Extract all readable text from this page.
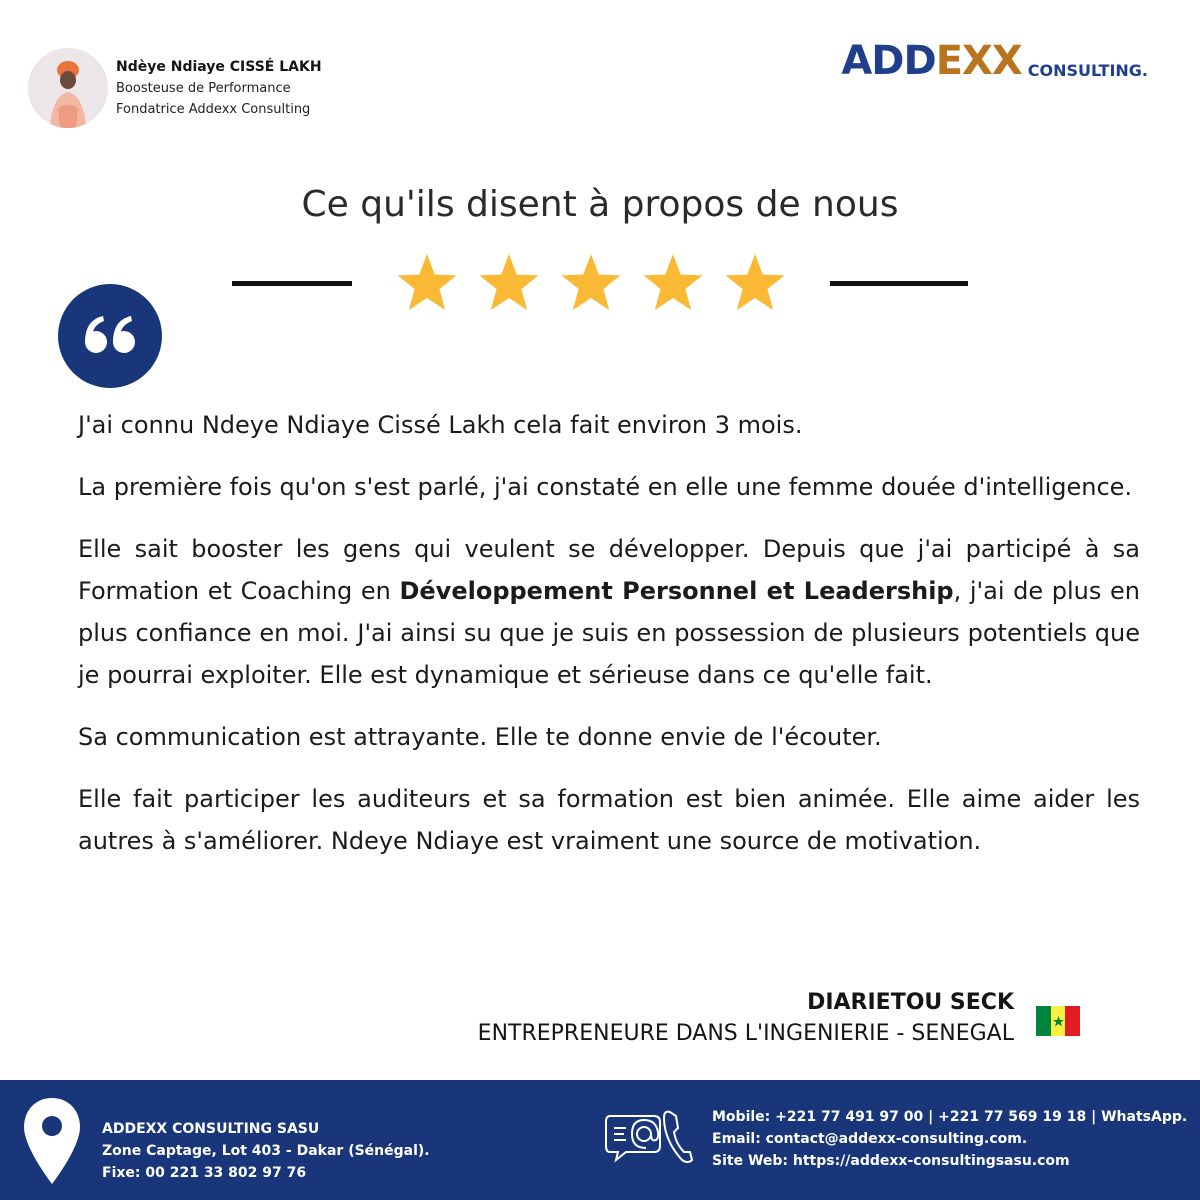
Ndèye Ndiaye CISSÉ LAKH
Boosteuse de Performance
Fondatrice Addexx Consulting
ADD EXX CONSULTING.
Ce qu'ils disent à propos de nous

J'ai connu Ndeye Ndiaye Cissé Lakh cela fait environ 3 mois.

La première fois qu'on s'est parlé, j'ai constaté en elle une femme douée d'intelligence.

Elle sait booster les gens qui veulent se développer. Depuis que j'ai participé à sa Formation et Coaching en Développement Personnel et Leadership, j'ai de plus en plus confiance en moi. J'ai ainsi su que je suis en possession de plusieurs potentiels que je pourrai exploiter. Elle est dynamique et sérieuse dans ce qu'elle fait.

Sa communication est attrayante. Elle te donne envie de l'écouter.

Elle fait participer les auditeurs et sa formation est bien animée. Elle aime aider les autres à s'améliorer. Ndeye Ndiaye est vraiment une source de motivation.

DIARIETOU SECK
ENTREPRENEURE DANS L'INGENIERIE - SENEGAL
ADDEXX CONSULTING SASU
Zone Captage, Lot 403 - Dakar (Sénégal).
Fixe: 00 221 33 802 97 76
Mobile: +221 77 491 97 00 | +221 77 569 19 18 | WhatsApp.
Email: contact@addexx-consulting.com.
Site Web: https://addexx-consultingsasu.com
